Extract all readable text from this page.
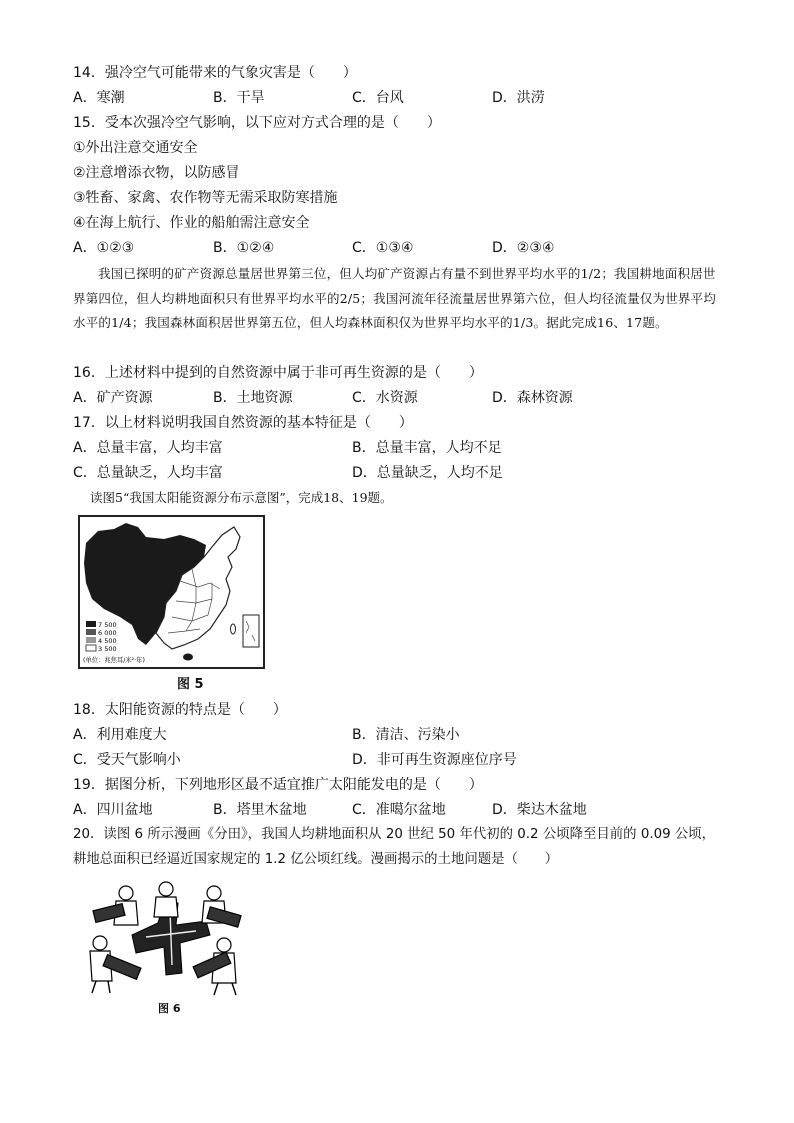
14．强冷空气可能带来的气象灾害是（　　）
A．寒潮	B．干旱	C．台风	D．洪涝
15．受本次强冷空气影响，以下应对方式合理的是（　　）
①外出注意交通安全
②注意增添衣物，以防感冒
③牲畜、家禽、农作物等无需采取防寒措施
④在海上航行、作业的船舶需注意安全
A．①②③	B．①②④	C．①③④	D．②③④
我国已探明的矿产资源总量居世界第三位，但人均矿产资源占有量不到世界平均水平的1/2；我国耕地面积居世界第四位，但人均耕地面积只有世界平均水平的2/5；我国河流年径流量居世界第六位，但人均径流量仅为世界平均水平的1/4；我国森林面积居世界第五位，但人均森林面积仅为世界平均水平的1/3。据此完成16、17题。
16．上述材料中提到的自然资源中属于非可再生资源的是（　　）
A．矿产资源	B．土地资源	C．水资源	D．森林资源
17．以上材料说明我国自然资源的基本特征是（　　）
A．总量丰富，人均丰富	B．总量丰富，人均不足
C．总量缺乏，人均丰富	D．总量缺乏，人均不足
读图5“我国太阳能资源分布示意图”，完成18、19题。
7 500
6 000
4 500
3 500
(单位：兆焦耳/米²·年)
图 5
18．太阳能资源的特点是（　　）
A．利用难度大	B．清洁、污染小
C．受天气影响小	D．非可再生资源座位序号
19．据图分析，下列地形区最不适宜推广太阳能发电的是（　　）
A．四川盆地	B．塔里木盆地	C．准噶尔盆地	D．柴达木盆地
20．读图 6 所示漫画《分田》，我国人均耕地面积从 20 世纪 50 年代初的 0.2 公顷降至目前的 0.09 公顷，
耕地总面积已经逼近国家规定的 1.2 亿公顷红线。漫画揭示的土地问题是（　　）
图 6
